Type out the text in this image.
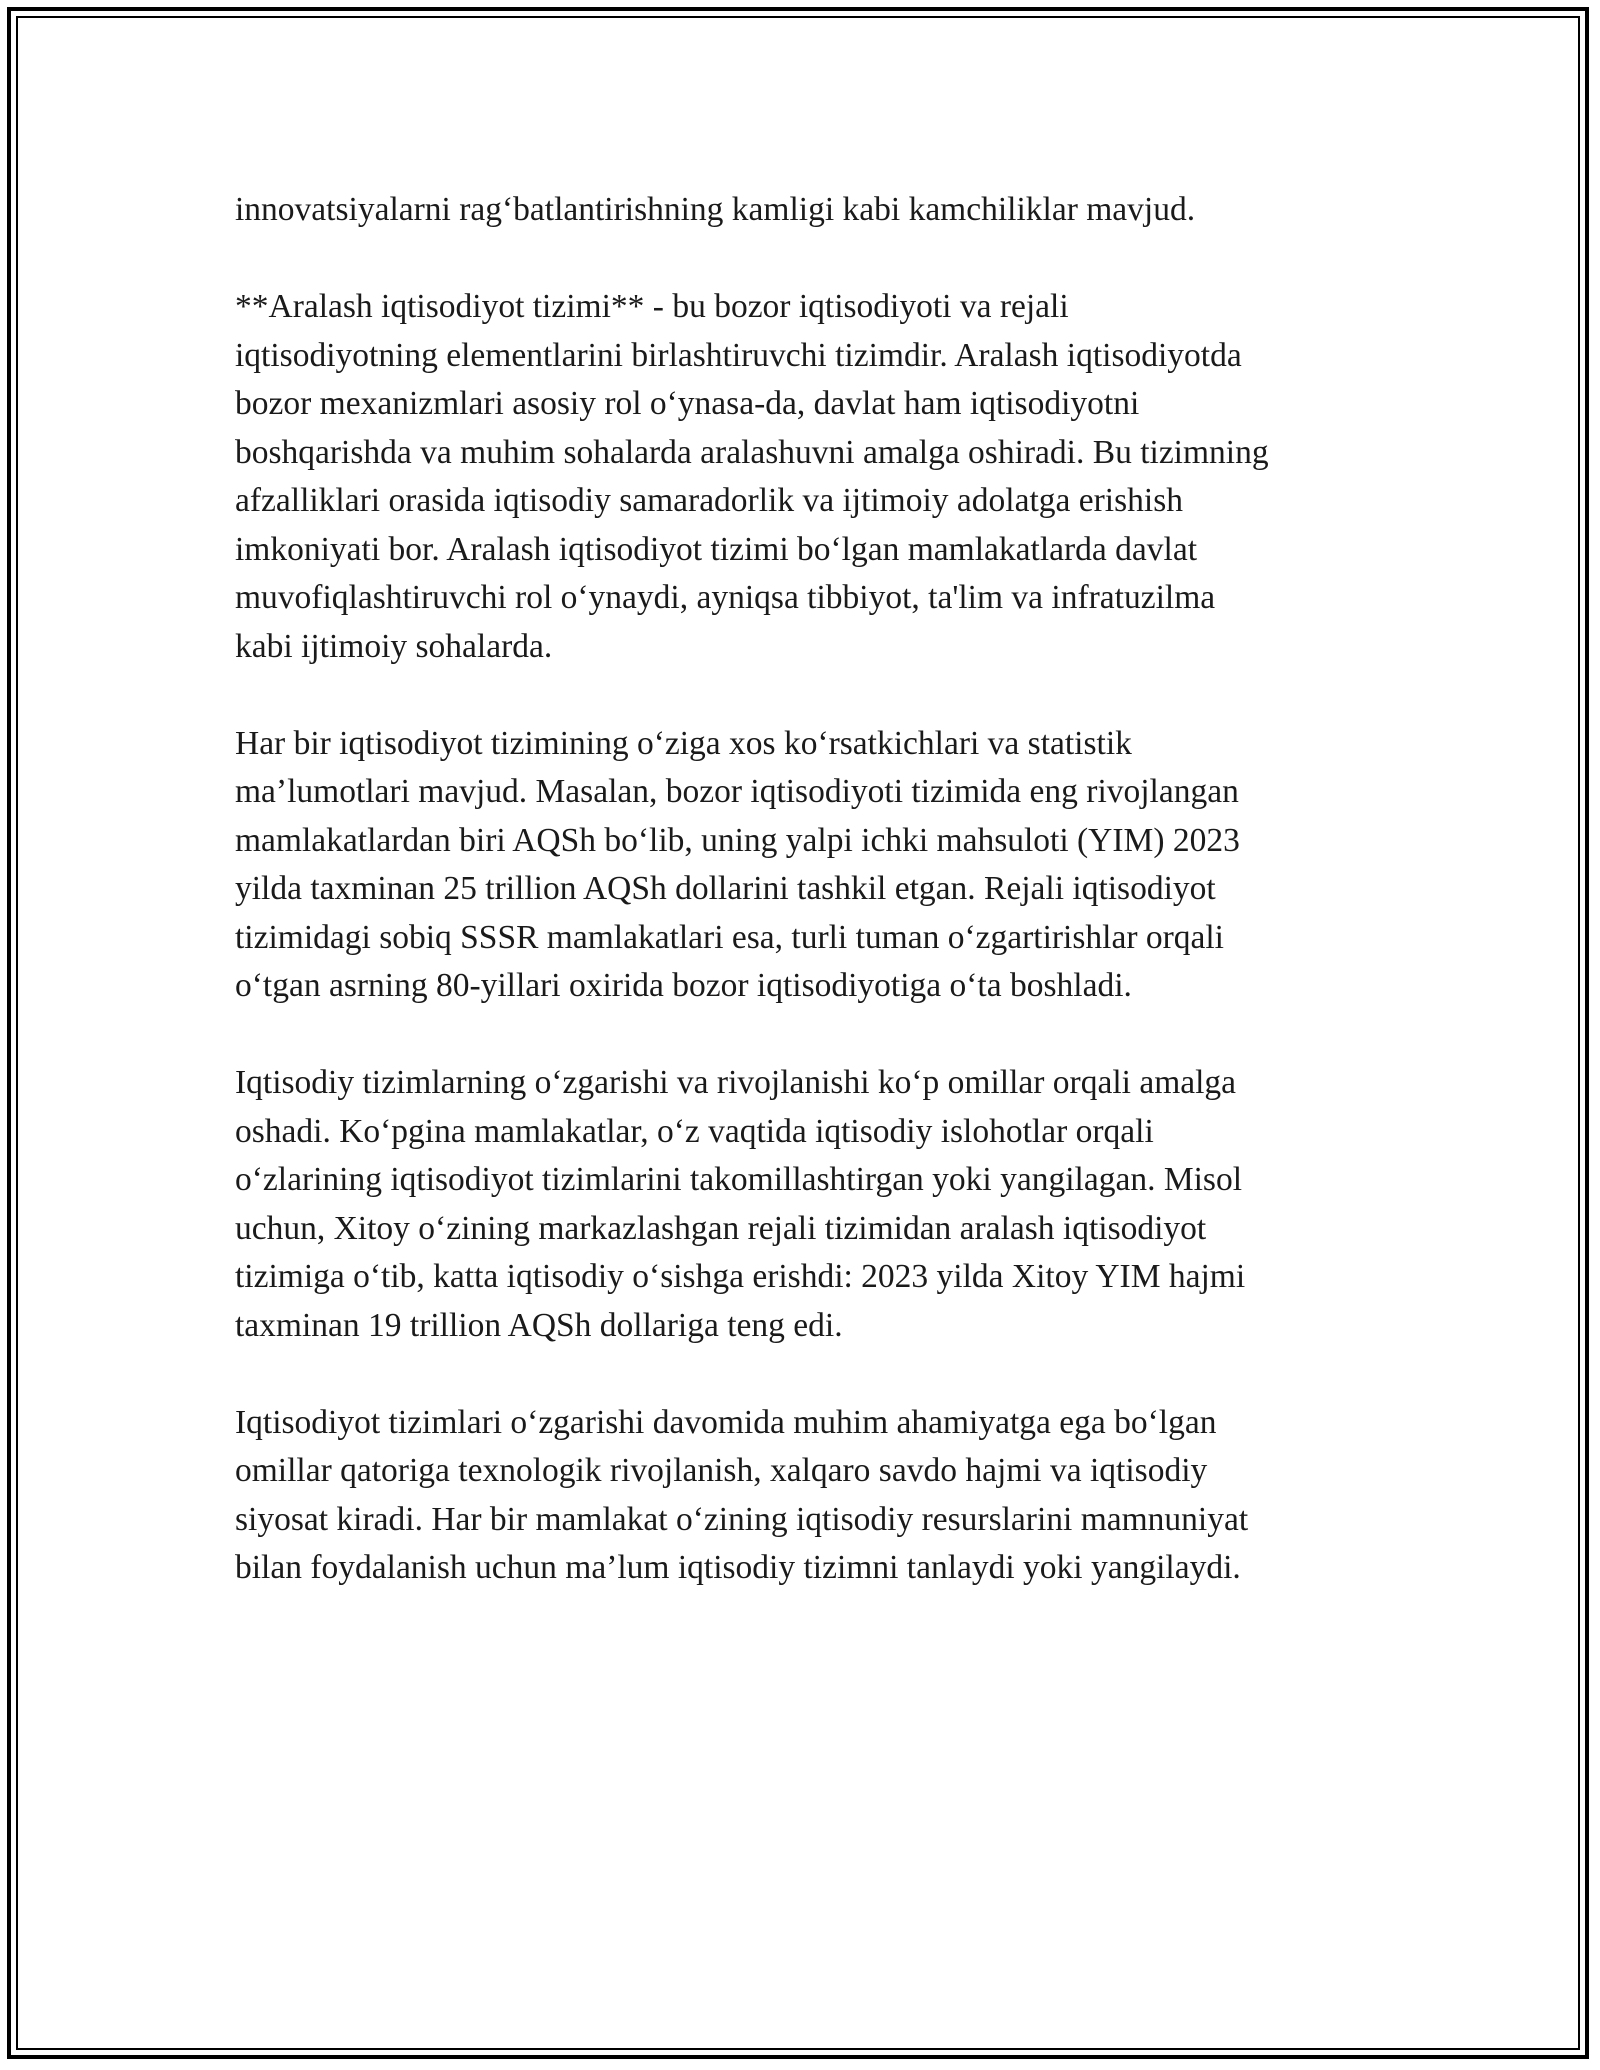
innovatsiyalarni rag‘batlantirishning kamligi kabi kamchiliklar mavjud.

**Aralash iqtisodiyot tizimi** - bu bozor iqtisodiyoti va rejali
iqtisodiyotning elementlarini birlashtiruvchi tizimdir. Aralash iqtisodiyotda
bozor mexanizmlari asosiy rol o‘ynasa-da, davlat ham iqtisodiyotni
boshqarishda va muhim sohalarda aralashuvni amalga oshiradi. Bu tizimning
afzalliklari orasida iqtisodiy samaradorlik va ijtimoiy adolatga erishish
imkoniyati bor. Aralash iqtisodiyot tizimi bo‘lgan mamlakatlarda davlat
muvofiqlashtiruvchi rol o‘ynaydi, ayniqsa tibbiyot, ta'lim va infratuzilma
kabi ijtimoiy sohalarda.

Har bir iqtisodiyot tizimining o‘ziga xos ko‘rsatkichlari va statistik
ma’lumotlari mavjud. Masalan, bozor iqtisodiyoti tizimida eng rivojlangan
mamlakatlardan biri AQSh bo‘lib, uning yalpi ichki mahsuloti (YIM) 2023
yilda taxminan 25 trillion AQSh dollarini tashkil etgan. Rejali iqtisodiyot
tizimidagi sobiq SSSR mamlakatlari esa, turli tuman o‘zgartirishlar orqali
o‘tgan asrning 80-yillari oxirida bozor iqtisodiyotiga o‘ta boshladi.

Iqtisodiy tizimlarning o‘zgarishi va rivojlanishi ko‘p omillar orqali amalga
oshadi. Ko‘pgina mamlakatlar, o‘z vaqtida iqtisodiy islohotlar orqali
o‘zlarining iqtisodiyot tizimlarini takomillashtirgan yoki yangilagan. Misol
uchun, Xitoy o‘zining markazlashgan rejali tizimidan aralash iqtisodiyot
tizimiga o‘tib, katta iqtisodiy o‘sishga erishdi: 2023 yilda Xitoy YIM hajmi
taxminan 19 trillion AQSh dollariga teng edi.

Iqtisodiyot tizimlari o‘zgarishi davomida muhim ahamiyatga ega bo‘lgan
omillar qatoriga texnologik rivojlanish, xalqaro savdo hajmi va iqtisodiy
siyosat kiradi. Har bir mamlakat o‘zining iqtisodiy resurslarini mamnuniyat
bilan foydalanish uchun ma’lum iqtisodiy tizimni tanlaydi yoki yangilaydi.
